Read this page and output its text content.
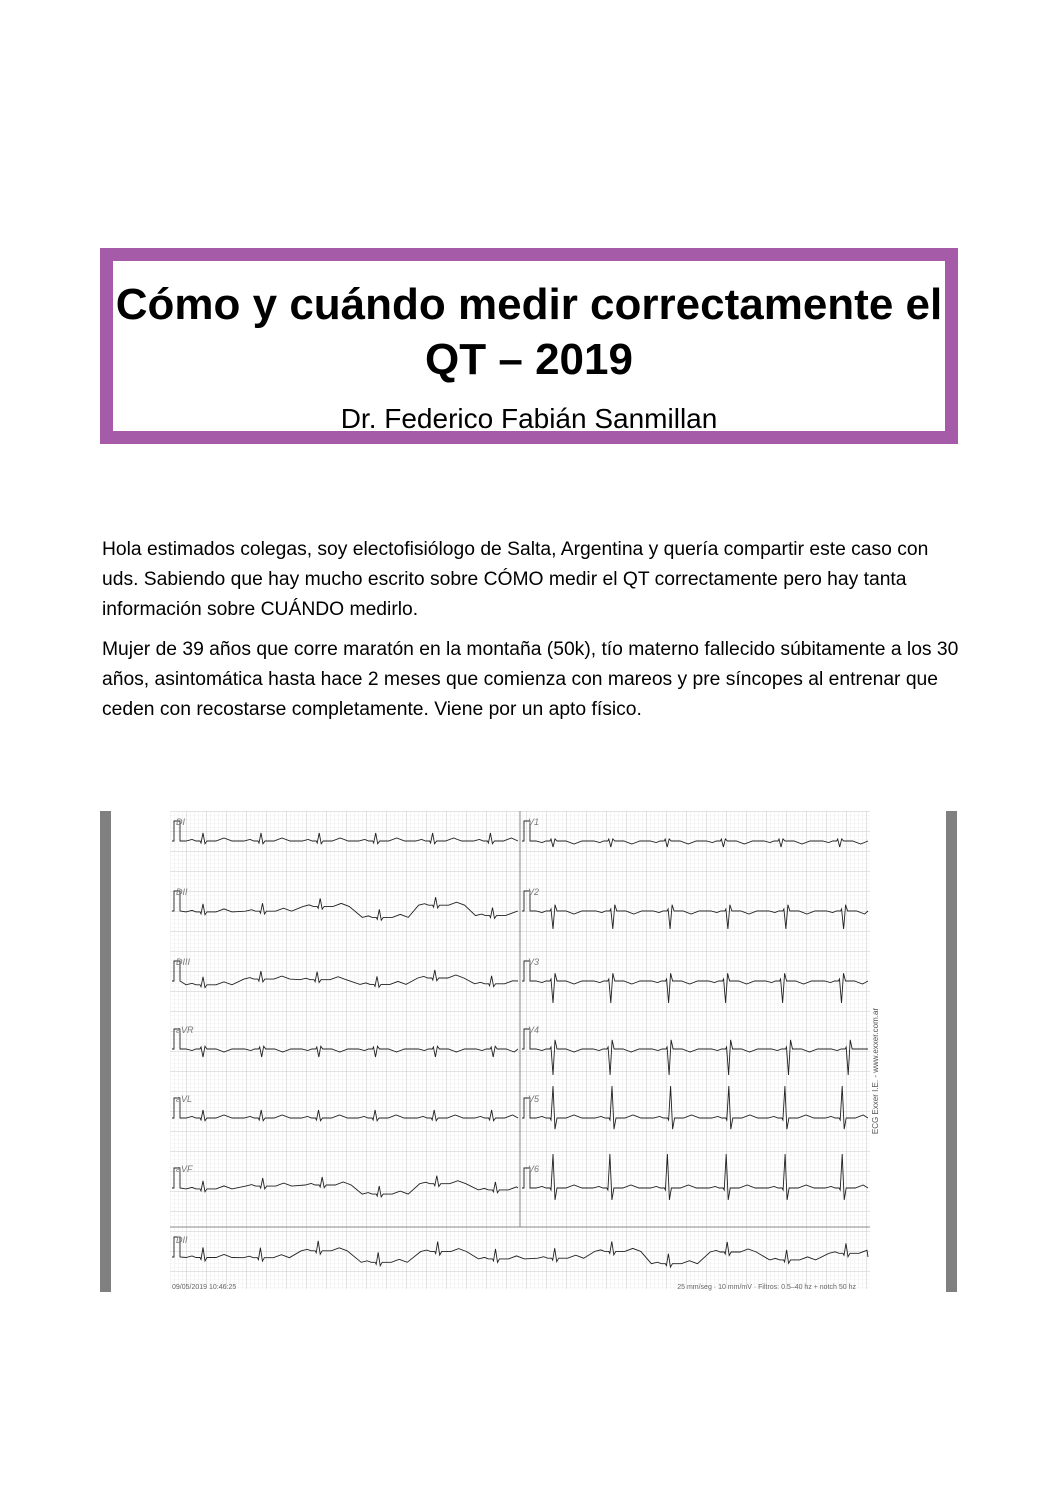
Cómo y cuándo medir correctamente el QT – 2019

Dr. Federico Fabián Sanmillan

Hola estimados colegas, soy electofisiólogo de Salta, Argentina y quería compartir este caso con uds. Sabiendo que hay mucho escrito sobre CÓMO medir el QT correctamente pero hay tanta información sobre CUÁNDO medirlo.

Mujer de 39 años que corre maratón en la montaña (50k), tío materno fallecido súbitamente a los 30 años, asintomática hasta hace 2 meses que comienza con mareos y pre síncopes al entrenar que ceden con recostarse completamente. Viene por un apto físico.

DI
DII
DIII
aVR
aVL
aVF
V1
V2
V3
V4
V5
V6
DII
ECG Exxer I.E. - www.exxer.com.ar
09/05/2019 10:46:25	25 mm/seg · 10 mm/mV · Filtros: 0.5–40 hz + notch 50 hz
